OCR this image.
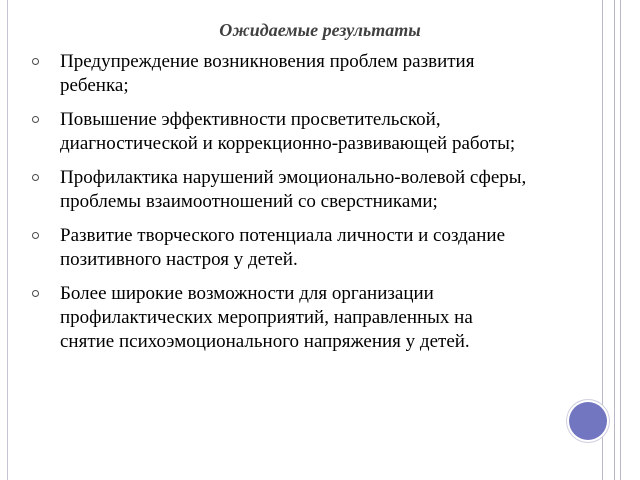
Ожидаемые результаты
Предупреждение возникновения проблем развития
ребенка;
Повышение эффективности просветительской,
диагностической и коррекционно-развивающей работы;
Профилактика нарушений эмоционально-волевой сферы,
проблемы взаимоотношений со сверстниками;
Развитие творческого потенциала личности и создание
позитивного настроя у детей.
Более широкие возможности для организации
профилактических мероприятий, направленных на
снятие психоэмоционального напряжения у детей.
